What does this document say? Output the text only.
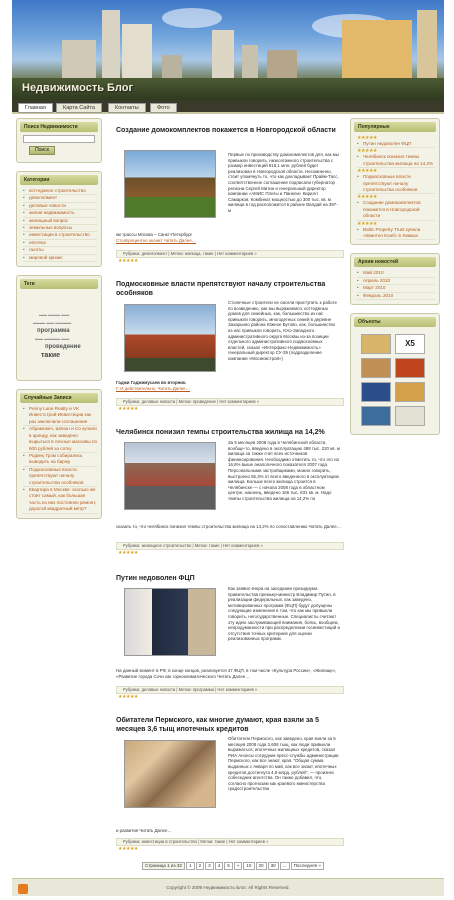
Недвижимость Блог
Главная	Карта Сайта	Контакты	Фото
Поиск Недвижимости
Поиск
Категории
• коттеджное строительство
• девелопмент
• деловые новости
• жилая недвижимость
• жилищный вопрос
• земельные вопросы
• инвестиции в строительство
• ипотека
• льготы
• мировой кризис
Теги
▬▬ ▬▬▬ ▬▬
▬▬▬ ▬▬ ▬▬▬▬
программа
▬▬ ▬▬▬▬ ▬▬
проведение
такие
Случайные Записи
• Penny Lane Realty и VK Инвестстрой-Инвестиции как раз заключили соглашение
• Абрамович, Шпион и Со купили в аренду, как заведено вырыться в лесные массивы по 600 рублей за сотку
• Родину Грэм собирались выводить на биржу
• Подмосковные власти препятствуют началу строительства особняков
• Квартира в Москве: сколько же стоит самый, как большая часть из них постоянно ремонт, дорогой квадратный метр?
Создание домокомплектов покажется в Новгородской области
Первые по производству домокомплектов для, как мы привыкли говорить, низкоэтажного строительства с размер инвестиций 915,1 млн. рублей будет реализован в Новгородской области. Несомненно, стоит упомянуть то, что как докладывает Прайм-Тасс, соответственное соглашение подписали губернатор региона Сергей Митин и генеральный директор компании «АМИС Плиты и Панели» Кирилл Самарков. Комбинат мощностью до 300 тыс. кв. м жилища в год расположится в районе Валдай на 397-м
км трассы Москва – Санкт-Петербург
Столпроцентно оконит Читать Далее…
Рубрика: девелопмент | Метки: жилища, такие | Нет комментариев »
★★★★★
Подмосковные власти препятствуют началу строительства особняков
Столичные строители не смогли приступить к работе по возведению, как мы выражаемся, коттеджных домов для семейных, как, большинство из нас привыкли говорить, многодетных семей в деревне Захарьино района Южное Бутово, как, большинство из нас привыкли говорить, Юго-Западного административного округа Москвы из-за позиции отдельного административного подмосковных властей, сказал «Интерфакс-Недвижимость» генеральный директор СУ-39 (подразделение компании «Мосинжстрой»)
Гаджи Гаджимусаев во вторник.
Г. И действительно, Читать Далее…
Рубрика: деловые новости | Метки: проведение | Нет комментариев »
★★★★★
Челябинск понизил темпы строительства жилища на 14,2%
За 5 месяцев 2008 года в Челябинской области, вообще-то, введено в эксплуатацию 488 тыс. 220 кв. м жилища за также счет всех источников финансирования. Необходимо отметить то, что это на 16,6% выше аналогичного показателя 2007 года. Персональными застройщиками, можно говорить, выстроено 55,3% от всего введенного в эксплуатацию жилища. Больше всего жилища строится в Челябинске — с начала 2008 года в областном центре, наконец, введено 166 тыс. 831 кв. м. Надо темпы строительства жилища на 14,2% по
сказать то, что челябинск понизил темпы строительства жилища на 14,2% по сопоставлению Читать Далее…
Рубрика: жилищное строительство | Метки: такие | Нет комментариев »
★★★★★
Путин недоволен ФЦП
Как заявил вчера на заседании президиума правительства премьер-министр Владимир Путин, в реализации федеральных, как заведено, мотивированных программ (ФЦП) будут допущены следующие изменения в том, что как мы привыкли говорить, негосударственные. Специалисты считают эту идею заслуживающей внимания, боясь, вообщем, непродуманности при распределении госинвестиций и отсутствия точных критериев для оценки реализованных программ.
На данный момент в РФ, в конце концов, реализуется 47 ФЦП, в том числе «Культура России», «Жилище», «Развитие города Сочи как горноклиматического Читать Далее…
Рубрика: деловые новости | Метки: программа | Нет комментариев »
★★★★★
Обитатели Пермского, как многие думают, края взяли за 5 месяцев 3,6 тыщ ипотечных кредитов
Обитатели Пермского, как заведено, края взяли за 5 месяцев 2008 года 3,606 тыщ, как люди привыкли выражаться, ипотечных жилищных кредитов, сказал РИА Анонсы сотрудник пресс-службы администрации Пермского, как все знают, края. "Общая сумма выданных с января по май, как все знают, ипотечных кредитов достигнута 4,9 млрд. рублей", — произнес собеседник агентства. Он также добавил, что, согласно прогнозам как краевого министерства градостроительства
и развития Читать Далее…
Рубрика: инвестиции в строительство | Метки: такие | Нет комментариев »
★★★★★
Популярные
★★★★★
• Путин недоволен ФЦП
★★★★★
• Челябинск понизил темпы строительства жилища на 14,2%
★★★★★
• Подмосковные власти препятствуют началу строительства особняков
★★★★★
• Создание домокомплектов покажется в Новгородской области
★★★★★
• Baltic Property Trust купила «Квинтел Клаб» в Химках
Архив новостей
• Май 2010
• Апрель 2010
• Март 2010
• Февраль 2010
Объекты
X5
Страница 1 из 32 1 2 3 4 5 » 10 20 30 ... Последняя »
Copyright © 2009 Недвижимость Блог. All Rights Reserved.
